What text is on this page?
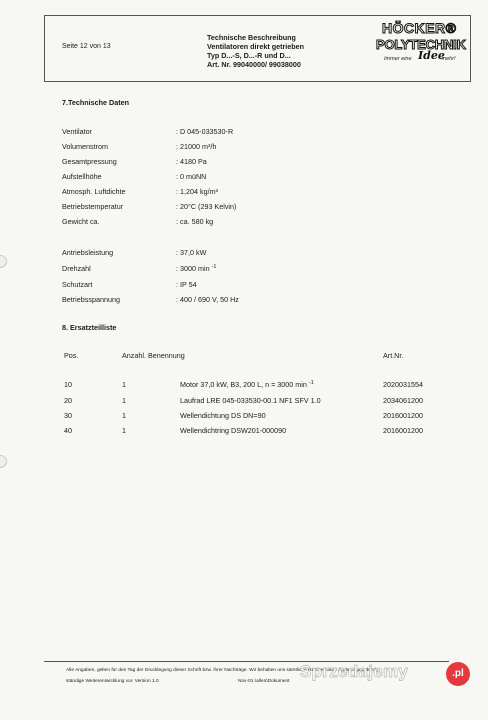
Seite 12 von 13
Technische Beschreibung
Ventilatoren direkt getrieben
Typ D...-S, D...-R und D...
Art. Nr. 99040000/ 99038000
HÖCKER®
POLYTECHNIK
Immer eine	mehr!
Idee
7.Technische Daten
Ventilator	: D 045-033530-R
Volumenstrom	: 21000 m³/h
Gesamtpressung	: 4180 Pa
Aufstellhöhe	: 0 müNN
Atmosph. Luftdichte	: 1,204 kg/m³
Betriebstemperatur	: 20°C (293 Kelvin)
Gewicht ca.	: ca. 580 kg
Antriebsleistung	: 37,0 kW
Drehzahl	: 3000 min $^{-1}$
Schutzart	: IP 54
Betriebsspannung	: 400 / 690 V, 50 Hz
8. Ersatzteilliste
Pos.	Anzahl. Benennung	Art.Nr.
10	1	Motor 37,0 kW, B3, 200 L, n = 3000 min $^{-1}$	2020031554
20	1	Laufrad LRE 045-033530-00.1 NF1 SFV 1.0	2034061200
30	1	Wellendichtung DS DN=90	2016001200
40	1	Wellendichtring DSW201-000090	2016001200
Alle Angaben, gelten für den Tag der Drucklegung dieser Schrift bzw. ihrer Nachträge. Wir behalten uns sämtliche Rechte sowie Änderungen durch
ständige Weiterentwicklung vor. Version 1.0	Nov-01 \allen\Dokument
Sprzedajemy	.pl
